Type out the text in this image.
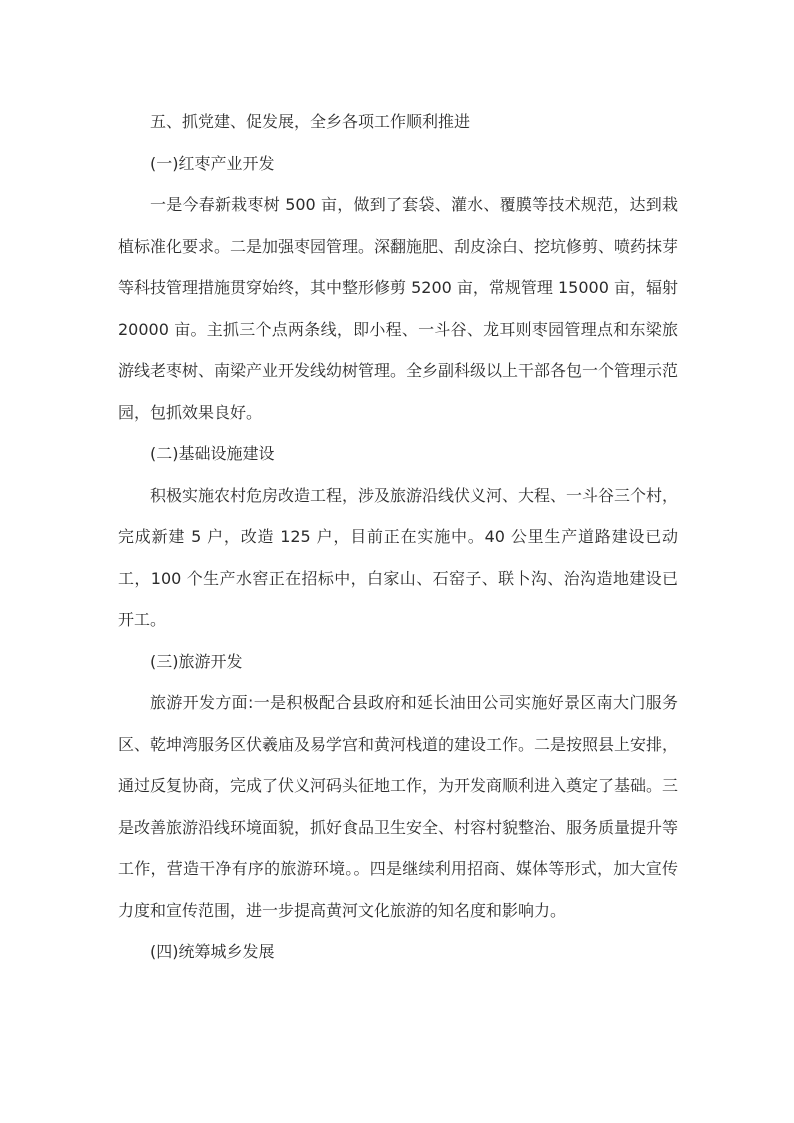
五、抓党建、促发展，全乡各项工作顺利推进

(一)红枣产业开发

一是今春新栽枣树 500 亩，做到了套袋、灌水、覆膜等技术规范，达到栽植标准化要求。二是加强枣园管理。深翻施肥、刮皮涂白、挖坑修剪、喷药抹芽等科技管理措施贯穿始终，其中整形修剪 5200 亩，常规管理 15000 亩，辐射 20000 亩。主抓三个点两条线，即小程、一斗谷、龙耳则枣园管理点和东梁旅游线老枣树、南梁产业开发线幼树管理。全乡副科级以上干部各包一个管理示范园，包抓效果良好。

(二)基础设施建设

积极实施农村危房改造工程，涉及旅游沿线伏义河、大程、一斗谷三个村，完成新建 5 户，改造 125 户，目前正在实施中。40 公里生产道路建设已动工，100 个生产水窖正在招标中，白家山、石窑子、联卜沟、治沟造地建设已开工。

(三)旅游开发

旅游开发方面:一是积极配合县政府和延长油田公司实施好景区南大门服务区、乾坤湾服务区伏羲庙及易学宫和黄河栈道的建设工作。二是按照县上安排，通过反复协商，完成了伏义河码头征地工作，为开发商顺利进入奠定了基础。三是改善旅游沿线环境面貌，抓好食品卫生安全、村容村貌整治、服务质量提升等工作，营造干净有序的旅游环境。。四是继续利用招商、媒体等形式，加大宣传力度和宣传范围，进一步提高黄河文化旅游的知名度和影响力。

(四)统筹城乡发展
